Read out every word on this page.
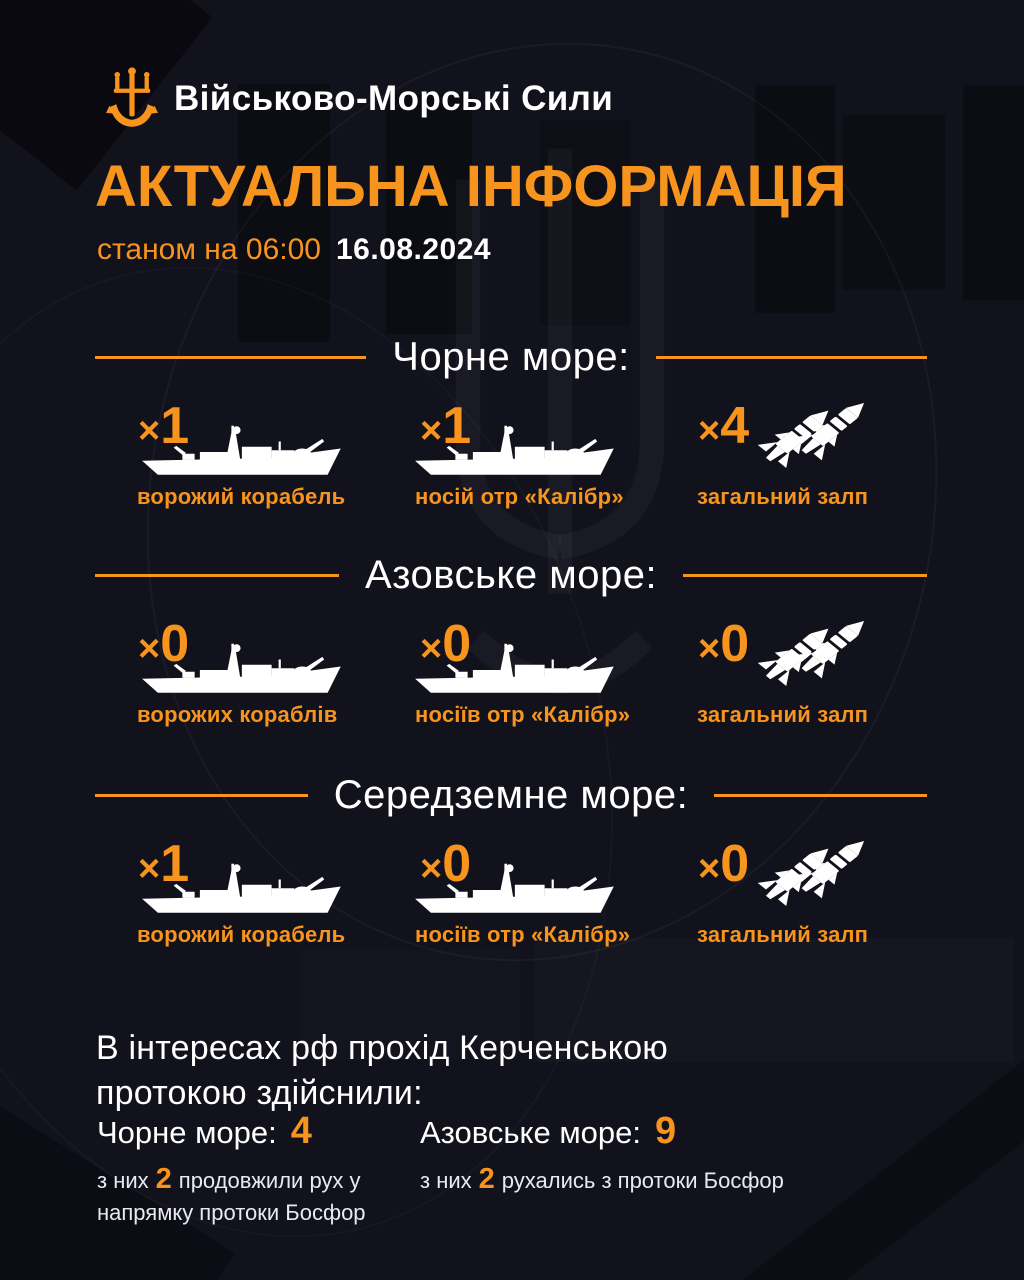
Військово-Морські Сили
АКТУАЛЬНА ІНФОРМАЦІЯ
станом на 06:00 16.08.2024
Чорне море:
×1
ворожий корабель
×1
носій отр «Калібр»
×4
загальний залп
Азовське море:
×0
ворожих кораблів
×0
носіїв отр «Калібр»
×0
загальний залп
Середземне море:
×1
ворожий корабель
×0
носіїв отр «Калібр»
×0
загальний залп

В інтересах рф прохід Керченською протокою здійснили:

Чорне море: 4

з них 2 продовжили рух у напрямку протоки Босфор

Азовське море: 9

з них 2 рухались з протоки Босфор
